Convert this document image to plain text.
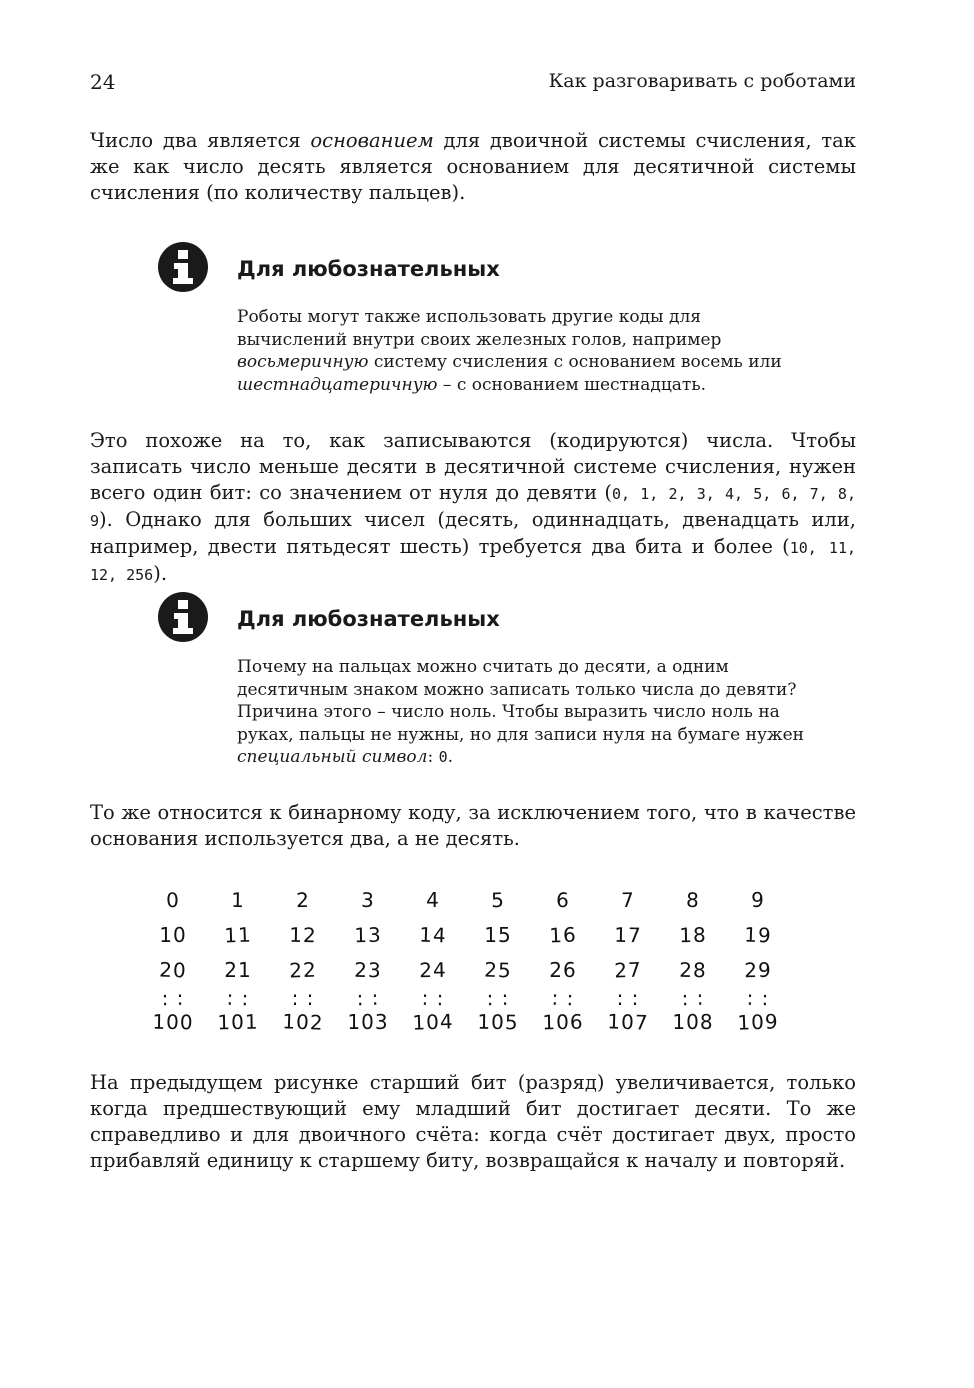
24	Как разговаривать с роботами

Число два является основанием для двоичной системы счисления, так же как число десять является основанием для десятичной системы счисления (по количеству пальцев).

Для любознательных

Роботы могут также использовать другие коды для
вычислений внутри своих железных голов, например
восьмеричную систему счисления с основанием восемь или
шестнадцатеричную – с основанием шестнадцать.

Это похоже на то, как записываются (кодируются) числа. Чтобы записать число меньше десяти в десятичной системе счисления, нужен всего один бит: со значением от нуля до девяти (0, 1, 2, 3, 4, 5, 6, 7, 8, 9). Однако для больших чисел (десять, одиннадцать, двенадцать или, например, двести пятьдесят шесть) требуется два бита и более (10, 11, 12, 256).

Для любознательных

Почему на пальцах можно считать до десяти, а одним
десятичным знаком можно записать только числа до девяти?
Причина этого – число ноль. Чтобы выразить число ноль на
руках, пальцы не нужны, но для записи нуля на бумаге нужен
специальный символ: 0.

То же относится к бинарному коду, за исключением того, что в качестве основания используется два, а не десять.

0	1	2	3	4	5	6	7	8	9
10	11	12	13	14	15	16	17	18	19
20	21	22	23	24	25	26	27	28	29
: :	: :	: :	: :	: :	: :	: :	: :	: :	: :
100	101	102	103	104	105	106	107	108	109

На предыдущем рисунке старший бит (разряд) увеличивается, только когда предшествующий ему младший бит достигает десяти. То же справедливо и для двоичного счёта: когда счёт достигает двух, просто прибавляй единицу к старшему биту, возвращайся к началу и повторяй.
